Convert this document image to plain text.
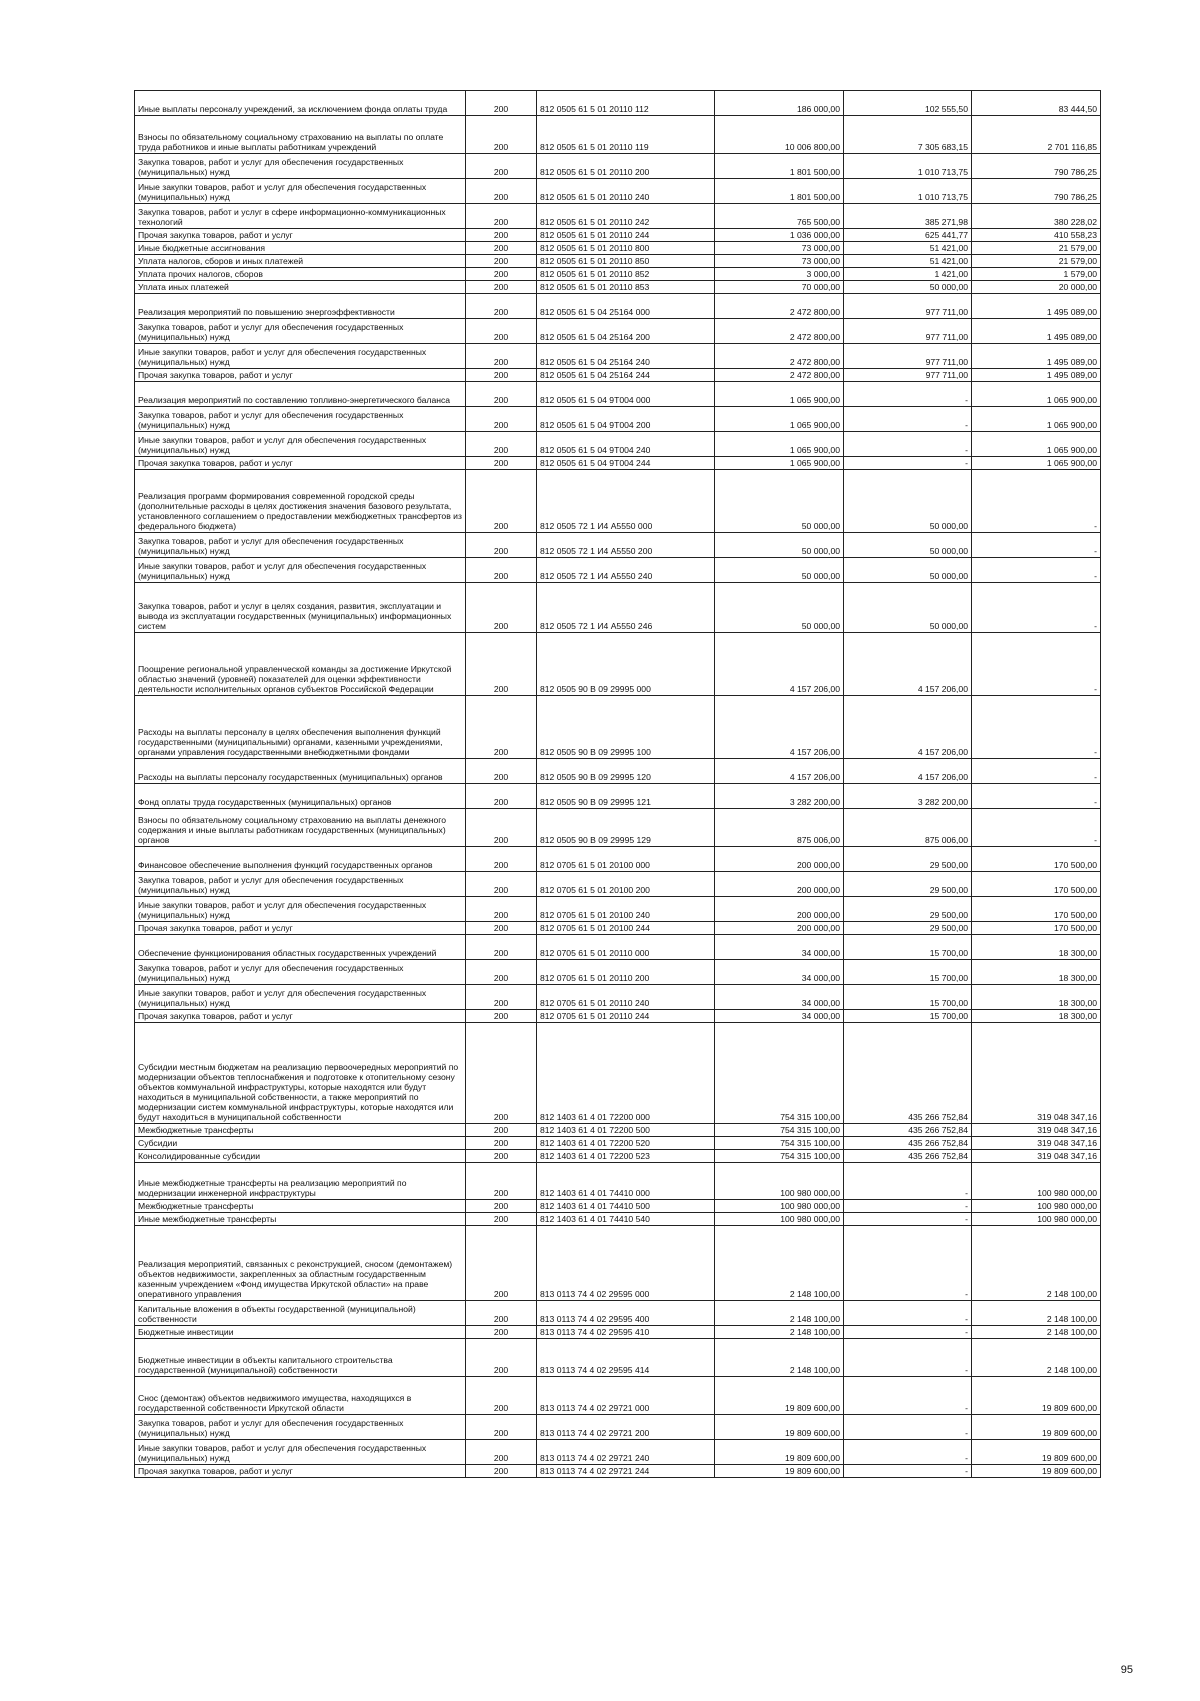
Иные выплаты персоналу учреждений, за исключением фонда оплаты труда	200	812 0505 61 5 01 20110 112	186 000,00	102 555,50	83 444,50
Взносы по обязательному социальному страхованию на выплаты по оплате труда работников и иные выплаты работникам учреждений	200	812 0505 61 5 01 20110 119	10 006 800,00	7 305 683,15	2 701 116,85
Закупка товаров, работ и услуг для обеспечения государственных (муниципальных) нужд	200	812 0505 61 5 01 20110 200	1 801 500,00	1 010 713,75	790 786,25
Иные закупки товаров, работ и услуг для обеспечения государственных (муниципальных) нужд	200	812 0505 61 5 01 20110 240	1 801 500,00	1 010 713,75	790 786,25
Закупка товаров, работ и услуг в сфере информационно-коммуникационных технологий	200	812 0505 61 5 01 20110 242	765 500,00	385 271,98	380 228,02
Прочая закупка товаров, работ и услуг	200	812 0505 61 5 01 20110 244	1 036 000,00	625 441,77	410 558,23
Иные бюджетные ассигнования	200	812 0505 61 5 01 20110 800	73 000,00	51 421,00	21 579,00
Уплата налогов, сборов и иных платежей	200	812 0505 61 5 01 20110 850	73 000,00	51 421,00	21 579,00
Уплата прочих налогов, сборов	200	812 0505 61 5 01 20110 852	3 000,00	1 421,00	1 579,00
Уплата иных платежей	200	812 0505 61 5 01 20110 853	70 000,00	50 000,00	20 000,00
Реализация мероприятий по повышению энергоэффективности	200	812 0505 61 5 04 25164 000	2 472 800,00	977 711,00	1 495 089,00
Закупка товаров, работ и услуг для обеспечения государственных (муниципальных) нужд	200	812 0505 61 5 04 25164 200	2 472 800,00	977 711,00	1 495 089,00
Иные закупки товаров, работ и услуг для обеспечения государственных (муниципальных) нужд	200	812 0505 61 5 04 25164 240	2 472 800,00	977 711,00	1 495 089,00
Прочая закупка товаров, работ и услуг	200	812 0505 61 5 04 25164 244	2 472 800,00	977 711,00	1 495 089,00
Реализация мероприятий по составлению топливно-энергетического баланса	200	812 0505 61 5 04 9Т004 000	1 065 900,00	-	1 065 900,00
Закупка товаров, работ и услуг для обеспечения государственных (муниципальных) нужд	200	812 0505 61 5 04 9Т004 200	1 065 900,00	-	1 065 900,00
Иные закупки товаров, работ и услуг для обеспечения государственных (муниципальных) нужд	200	812 0505 61 5 04 9Т004 240	1 065 900,00	-	1 065 900,00
Прочая закупка товаров, работ и услуг	200	812 0505 61 5 04 9Т004 244	1 065 900,00	-	1 065 900,00
Реализация программ формирования современной городской среды (дополнительные расходы в целях достижения значения базового результата, установленного соглашением о предоставлении межбюджетных трансфертов из федерального бюджета)	200	812 0505 72 1 И4 А5550 000	50 000,00	50 000,00	-
Закупка товаров, работ и услуг для обеспечения государственных (муниципальных) нужд	200	812 0505 72 1 И4 А5550 200	50 000,00	50 000,00	-
Иные закупки товаров, работ и услуг для обеспечения государственных (муниципальных) нужд	200	812 0505 72 1 И4 А5550 240	50 000,00	50 000,00	-
Закупка товаров, работ и услуг в целях создания, развития, эксплуатации и вывода из эксплуатации государственных (муниципальных) информационных систем	200	812 0505 72 1 И4 А5550 246	50 000,00	50 000,00	-
Поощрение региональной управленческой команды за достижение Иркутской областью значений (уровней) показателей для оценки эффективности деятельности исполнительных органов субъектов Российской Федерации	200	812 0505 90 В 09 29995 000	4 157 206,00	4 157 206,00	-
Расходы на выплаты персоналу в целях обеспечения выполнения функций государственными (муниципальными) органами, казенными учреждениями, органами управления государственными внебюджетными фондами	200	812 0505 90 В 09 29995 100	4 157 206,00	4 157 206,00	-
Расходы на выплаты персоналу государственных (муниципальных) органов	200	812 0505 90 В 09 29995 120	4 157 206,00	4 157 206,00	-
Фонд оплаты труда государственных (муниципальных) органов	200	812 0505 90 В 09 29995 121	3 282 200,00	3 282 200,00	-
Взносы по обязательному социальному страхованию на выплаты денежного содержания и иные выплаты работникам государственных (муниципальных) органов	200	812 0505 90 В 09 29995 129	875 006,00	875 006,00	-
Финансовое обеспечение выполнения функций государственных органов	200	812 0705 61 5 01 20100 000	200 000,00	29 500,00	170 500,00
Закупка товаров, работ и услуг для обеспечения государственных (муниципальных) нужд	200	812 0705 61 5 01 20100 200	200 000,00	29 500,00	170 500,00
Иные закупки товаров, работ и услуг для обеспечения государственных (муниципальных) нужд	200	812 0705 61 5 01 20100 240	200 000,00	29 500,00	170 500,00
Прочая закупка товаров, работ и услуг	200	812 0705 61 5 01 20100 244	200 000,00	29 500,00	170 500,00
Обеспечение функционирования областных государственных учреждений	200	812 0705 61 5 01 20110 000	34 000,00	15 700,00	18 300,00
Закупка товаров, работ и услуг для обеспечения государственных (муниципальных) нужд	200	812 0705 61 5 01 20110 200	34 000,00	15 700,00	18 300,00
Иные закупки товаров, работ и услуг для обеспечения государственных (муниципальных) нужд	200	812 0705 61 5 01 20110 240	34 000,00	15 700,00	18 300,00
Прочая закупка товаров, работ и услуг	200	812 0705 61 5 01 20110 244	34 000,00	15 700,00	18 300,00
Субсидии местным бюджетам на реализацию первоочередных мероприятий по модернизации объектов теплоснабжения и подготовке к отопительному сезону объектов коммунальной инфраструктуры, которые находятся или будут находиться в муниципальной собственности, а также мероприятий по модернизации систем коммунальной инфраструктуры, которые находятся или будут находиться в муниципальной собственности	200	812 1403 61 4 01 72200 000	754 315 100,00	435 266 752,84	319 048 347,16
Межбюджетные трансферты	200	812 1403 61 4 01 72200 500	754 315 100,00	435 266 752,84	319 048 347,16
Субсидии	200	812 1403 61 4 01 72200 520	754 315 100,00	435 266 752,84	319 048 347,16
Консолидированные субсидии	200	812 1403 61 4 01 72200 523	754 315 100,00	435 266 752,84	319 048 347,16
Иные межбюджетные трансферты на реализацию мероприятий по модернизации инженерной инфраструктуры	200	812 1403 61 4 01 74410 000	100 980 000,00	-	100 980 000,00
Межбюджетные трансферты	200	812 1403 61 4 01 74410 500	100 980 000,00	-	100 980 000,00
Иные межбюджетные трансферты	200	812 1403 61 4 01 74410 540	100 980 000,00	-	100 980 000,00
Реализация мероприятий, связанных с реконструкцией, сносом (демонтажем) объектов недвижимости, закрепленных за областным государственным казенным учреждением «Фонд имущества Иркутской области» на праве оперативного управления	200	813 0113 74 4 02 29595 000	2 148 100,00	-	2 148 100,00
Капитальные вложения в объекты государственной (муниципальной) собственности	200	813 0113 74 4 02 29595 400	2 148 100,00	-	2 148 100,00
Бюджетные инвестиции	200	813 0113 74 4 02 29595 410	2 148 100,00	-	2 148 100,00
Бюджетные инвестиции в объекты капитального строительства государственной (муниципальной) собственности	200	813 0113 74 4 02 29595 414	2 148 100,00	-	2 148 100,00
Снос (демонтаж) объектов недвижимого имущества, находящихся в государственной собственности Иркутской области	200	813 0113 74 4 02 29721 000	19 809 600,00	-	19 809 600,00
Закупка товаров, работ и услуг для обеспечения государственных (муниципальных) нужд	200	813 0113 74 4 02 29721 200	19 809 600,00	-	19 809 600,00
Иные закупки товаров, работ и услуг для обеспечения государственных (муниципальных) нужд	200	813 0113 74 4 02 29721 240	19 809 600,00	-	19 809 600,00
Прочая закупка товаров, работ и услуг	200	813 0113 74 4 02 29721 244	19 809 600,00	-	19 809 600,00
95
